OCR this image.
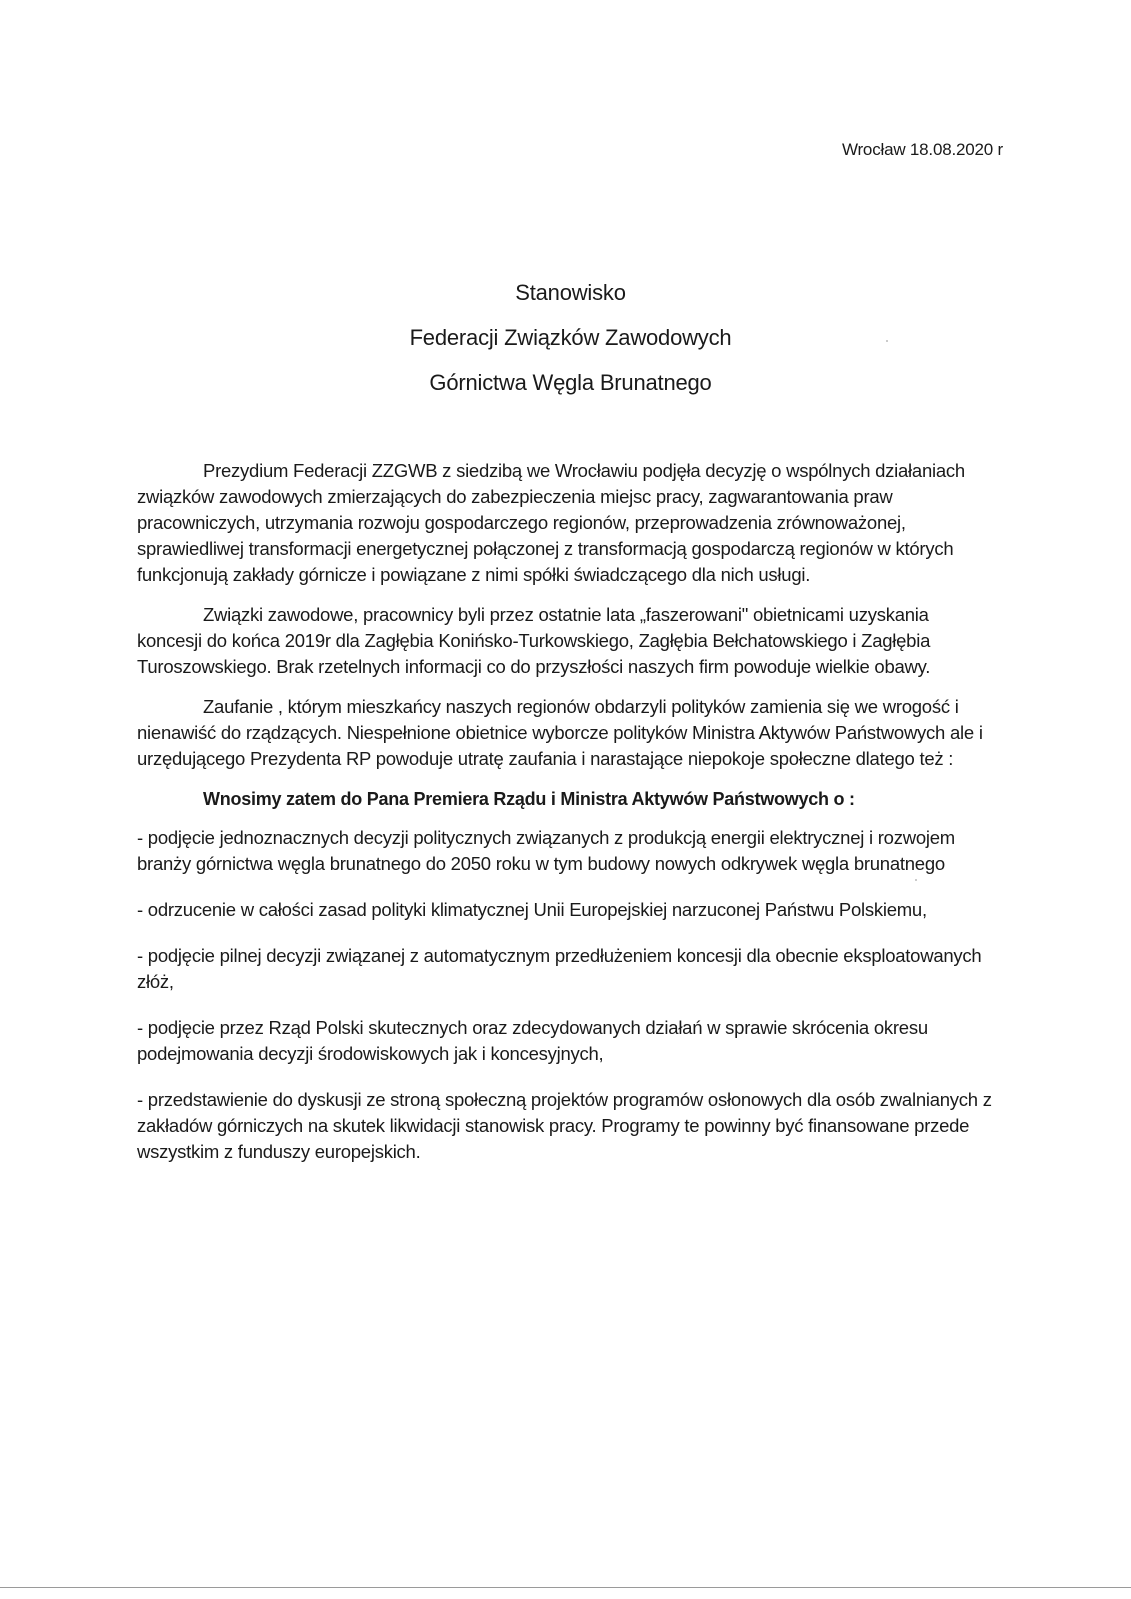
Wrocław 18.08.2020 r
Stanowisko
Federacji Związków Zawodowych
Górnictwa Węgla Brunatnego

Prezydium Federacji ZZGWB z siedzibą we Wrocławiu podjęła decyzję o wspólnych działaniach związków zawodowych zmierzających do zabezpieczenia miejsc pracy, zagwarantowania praw pracowniczych, utrzymania rozwoju gospodarczego regionów, przeprowadzenia zrównoważonej, sprawiedliwej transformacji energetycznej połączonej z transformacją gospodarczą regionów w których funkcjonują zakłady górnicze i powiązane z nimi spółki świadczącego dla nich usługi.

Związki zawodowe, pracownicy byli przez ostatnie lata „faszerowani" obietnicami uzyskania koncesji do końca 2019r dla Zagłębia Konińsko-Turkowskiego, Zagłębia Bełchatowskiego i Zagłębia Turoszowskiego. Brak rzetelnych informacji co do przyszłości naszych firm powoduje wielkie obawy.

Zaufanie , którym mieszkańcy naszych regionów obdarzyli polityków zamienia się we wrogość i nienawiść do rządzących. Niespełnione obietnice wyborcze polityków Ministra Aktywów Państwowych ale i urzędującego Prezydenta RP powoduje utratę zaufania i narastające niepokoje społeczne dlatego też :

Wnosimy zatem do Pana Premiera Rządu i Ministra Aktywów Państwowych o :

- podjęcie jednoznacznych decyzji politycznych związanych z produkcją energii elektrycznej i rozwojem branży górnictwa węgla brunatnego do 2050 roku w tym budowy nowych odkrywek węgla brunatnego

- odrzucenie w całości zasad polityki klimatycznej Unii Europejskiej narzuconej Państwu Polskiemu,

- podjęcie pilnej decyzji związanej z automatycznym przedłużeniem koncesji dla obecnie eksploatowanych złóż,

- podjęcie przez Rząd Polski skutecznych oraz zdecydowanych działań w sprawie skrócenia okresu podejmowania decyzji środowiskowych jak i koncesyjnych,

- przedstawienie do dyskusji ze stroną społeczną projektów programów osłonowych dla osób zwalnianych z zakładów górniczych na skutek likwidacji stanowisk pracy. Programy te powinny być finansowane przede wszystkim z funduszy europejskich.
